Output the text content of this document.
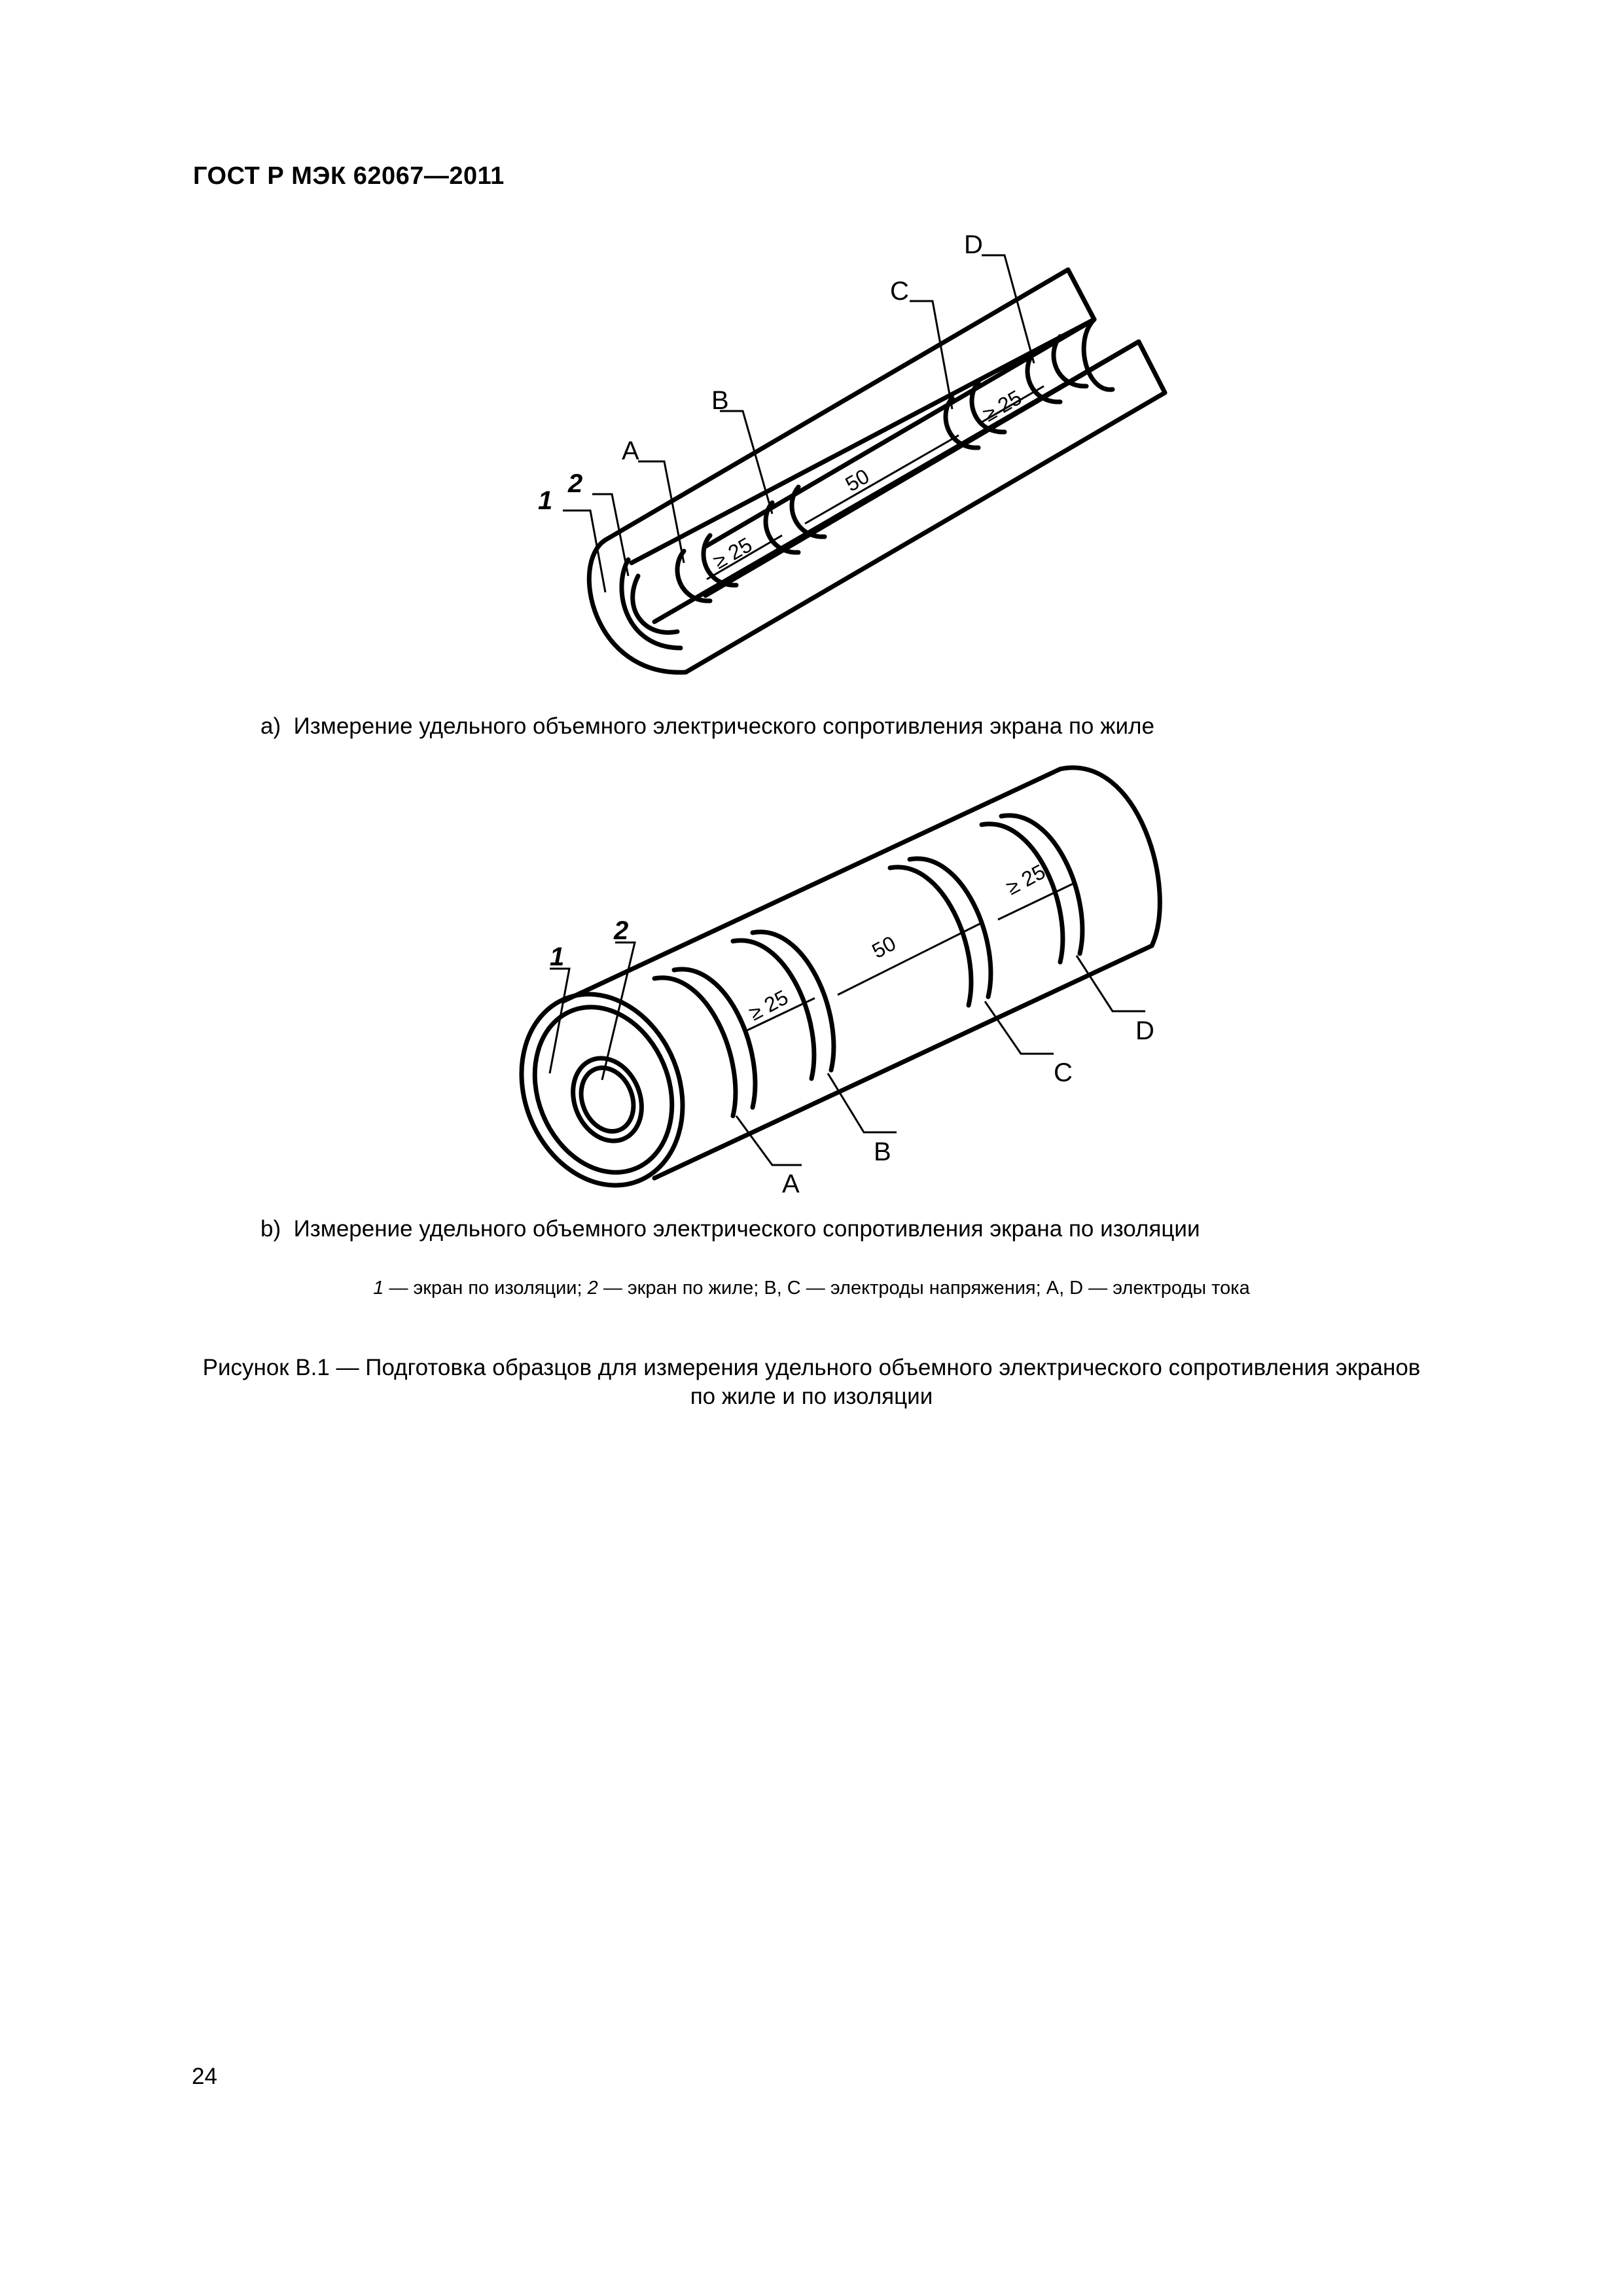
ГОСТ Р МЭК 62067—2011
1
2
A
B
C
D
≥ 25
50
≥ 25
a) Измерение удельного объемного электрического сопротивления экрана по жиле
1
2
A
B
C
D
≥ 25
50
≥ 25
b) Измерение удельного объемного электрического сопротивления экрана по изоляции
1 — экран по изоляции; 2 — экран по жиле; B, C — электроды напряжения; A, D — электроды тока
Рисунок B.1 — Подготовка образцов для измерения удельного объемного электрического сопротивления экранов
по жиле и по изоляции
24
